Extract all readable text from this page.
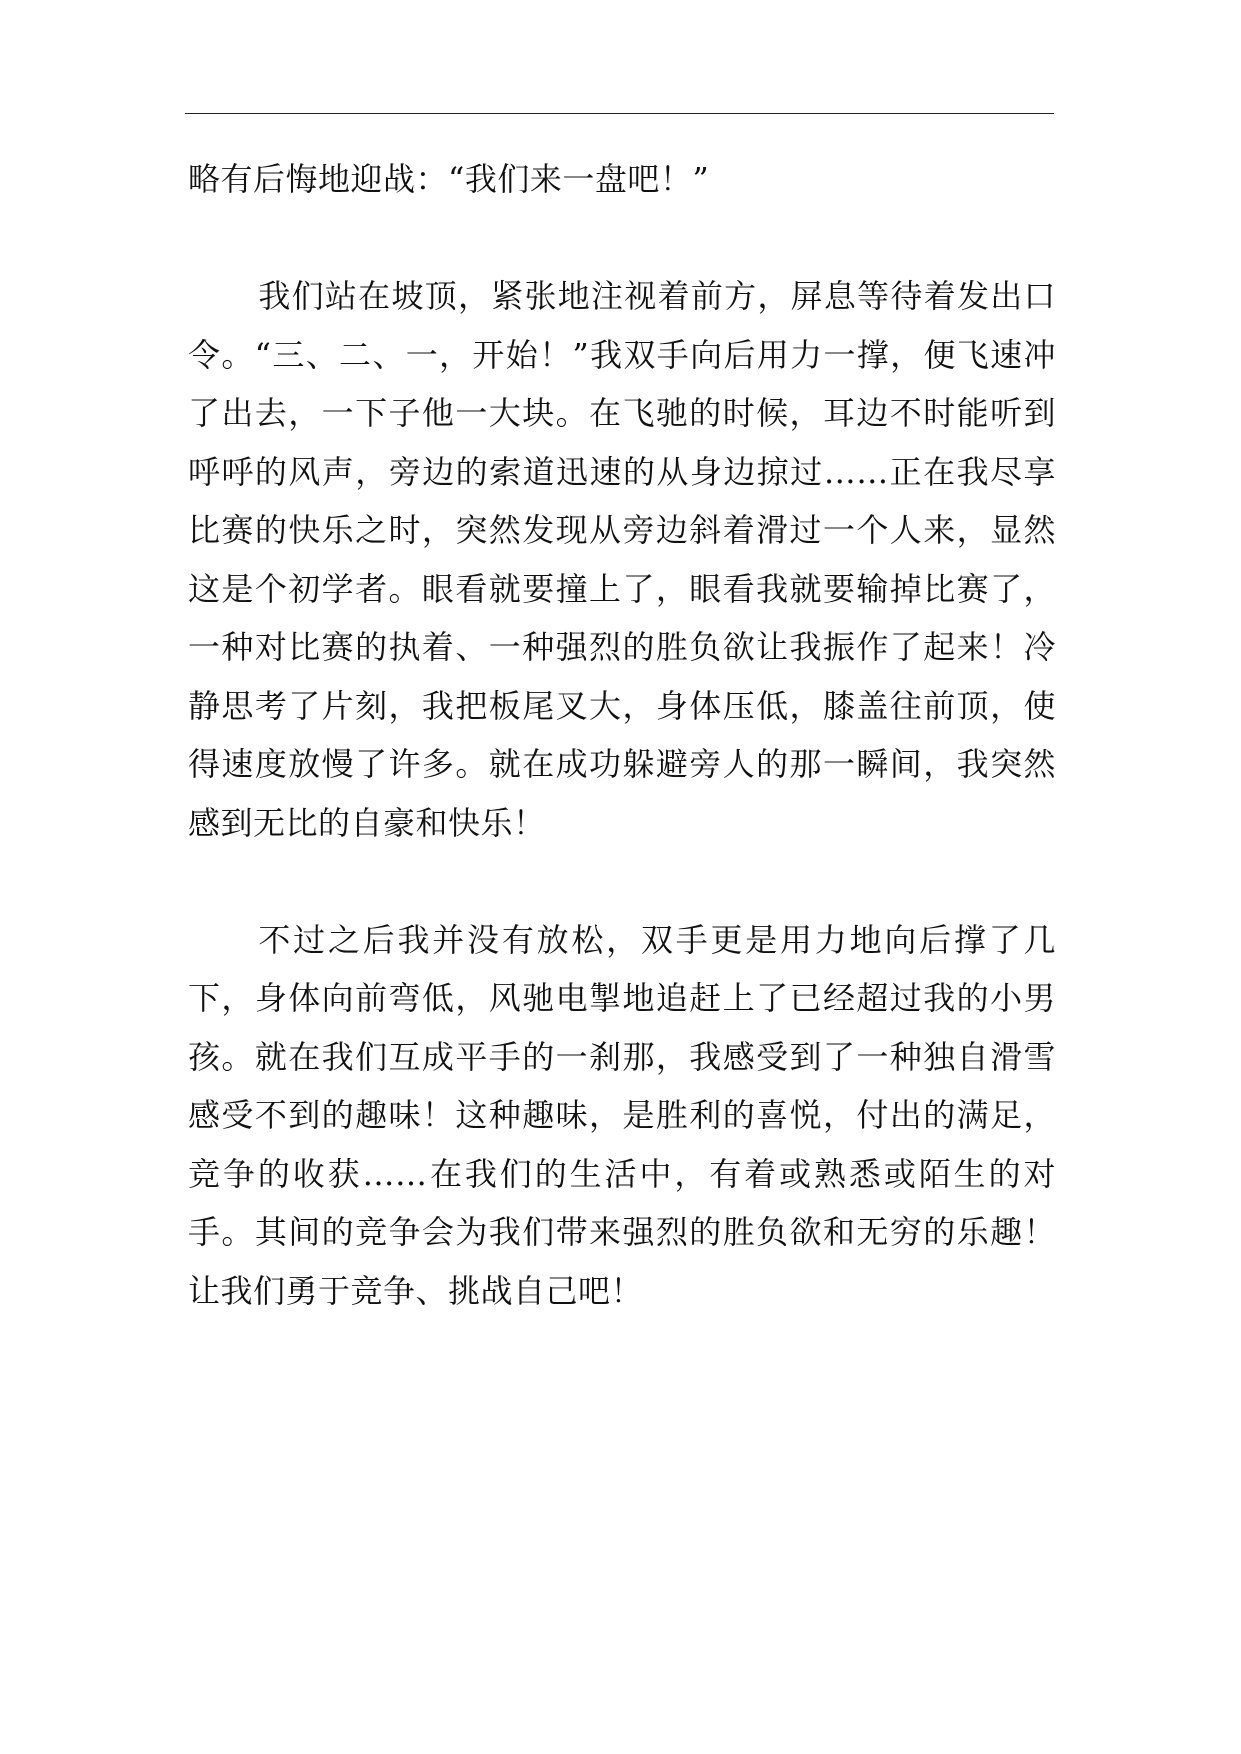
略有后悔地迎战：“我们来一盘吧！”

我们站在坡顶，紧张地注视着前方，屏息等待着发出口令。“三、二、一，开始！”我双手向后用力一撑，便飞速冲了出去，一下子他一大块。在飞驰的时候，耳边不时能听到呼呼的风声，旁边的索道迅速的从身边掠过……正在我尽享比赛的快乐之时，突然发现从旁边斜着滑过一个人来，显然这是个初学者。眼看就要撞上了，眼看我就要输掉比赛了，一种对比赛的执着、一种强烈的胜负欲让我振作了起来！冷静思考了片刻，我把板尾叉大，身体压低，膝盖往前顶，使得速度放慢了许多。就在成功躲避旁人的那一瞬间，我突然感到无比的自豪和快乐！

不过之后我并没有放松，双手更是用力地向后撑了几下，身体向前弯低，风驰电掣地追赶上了已经超过我的小男孩。就在我们互成平手的一刹那，我感受到了一种独自滑雪感受不到的趣味！这种趣味，是胜利的喜悦，付出的满足，竞争的收获……在我们的生活中，有着或熟悉或陌生的对手。其间的竞争会为我们带来强烈的胜负欲和无穷的乐趣！让我们勇于竞争、挑战自己吧！
